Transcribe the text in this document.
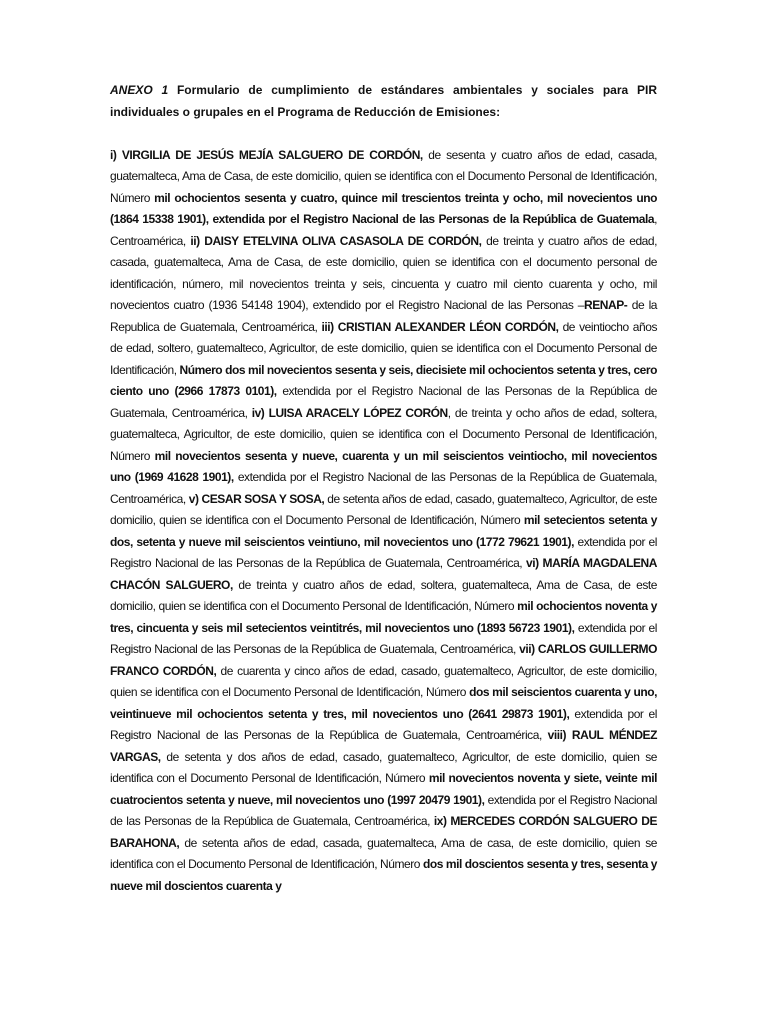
ANEXO 1 Formulario de cumplimiento de estándares ambientales y sociales para PIR individuales o grupales en el Programa de Reducción de Emisiones:

i) VIRGILIA DE JESÚS MEJÍA SALGUERO DE CORDÓN, de sesenta y cuatro años de edad, casada, guatemalteca, Ama de Casa, de este domicilio, quien se identifica con el Documento Personal de Identificación, Número mil ochocientos sesenta y cuatro, quince mil trescientos treinta y ocho, mil novecientos uno (1864 15338 1901), extendida por el Registro Nacional de las Personas de la República de Guatemala, Centroamérica, ii) DAISY ETELVINA OLIVA CASASOLA DE CORDÓN, de treinta y cuatro años de edad, casada, guatemalteca, Ama de Casa, de este domicilio, quien se identifica con el documento personal de identificación, número, mil novecientos treinta y seis, cincuenta y cuatro mil ciento cuarenta y ocho, mil novecientos cuatro (1936 54148 1904), extendido por el Registro Nacional de las Personas –RENAP- de la Republica de Guatemala, Centroamérica, iii) CRISTIAN ALEXANDER LÉON CORDÓN, de veintiocho años de edad, soltero, guatemalteco, Agricultor, de este domicilio, quien se identifica con el Documento Personal de Identificación, Número dos mil novecientos sesenta y seis, diecisiete mil ochocientos setenta y tres, cero ciento uno (2966 17873 0101), extendida por el Registro Nacional de las Personas de la República de Guatemala, Centroamérica, iv) LUISA ARACELY LÓPEZ CORÓN, de treinta y ocho años de edad, soltera, guatemalteca, Agricultor, de este domicilio, quien se identifica con el Documento Personal de Identificación, Número mil novecientos sesenta y nueve, cuarenta y un mil seiscientos veintiocho, mil novecientos uno (1969 41628 1901), extendida por el Registro Nacional de las Personas de la República de Guatemala, Centroamérica, v) CESAR SOSA Y SOSA, de setenta años de edad, casado, guatemalteco, Agricultor, de este domicilio, quien se identifica con el Documento Personal de Identificación, Número mil setecientos setenta y dos, setenta y nueve mil seiscientos veintiuno, mil novecientos uno (1772 79621 1901), extendida por el Registro Nacional de las Personas de la República de Guatemala, Centroamérica, vi) MARÍA MAGDALENA CHACÓN SALGUERO, de treinta y cuatro años de edad, soltera, guatemalteca, Ama de Casa, de este domicilio, quien se identifica con el Documento Personal de Identificación, Número mil ochocientos noventa y tres, cincuenta y seis mil setecientos veintitrés, mil novecientos uno (1893 56723 1901), extendida por el Registro Nacional de las Personas de la República de Guatemala, Centroamérica, vii) CARLOS GUILLERMO FRANCO CORDÓN, de cuarenta y cinco años de edad, casado, guatemalteco, Agricultor, de este domicilio, quien se identifica con el Documento Personal de Identificación, Número dos mil seiscientos cuarenta y uno, veintinueve mil ochocientos setenta y tres, mil novecientos uno (2641 29873 1901), extendida por el Registro Nacional de las Personas de la República de Guatemala, Centroamérica, viii) RAUL MÉNDEZ VARGAS, de setenta y dos años de edad, casado, guatemalteco, Agricultor, de este domicilio, quien se identifica con el Documento Personal de Identificación, Número mil novecientos noventa y siete, veinte mil cuatrocientos setenta y nueve, mil novecientos uno (1997 20479 1901), extendida por el Registro Nacional de las Personas de la República de Guatemala, Centroamérica, ix) MERCEDES CORDÓN SALGUERO DE BARAHONA, de setenta años de edad, casada, guatemalteca, Ama de casa, de este domicilio, quien se identifica con el Documento Personal de Identificación, Número dos mil doscientos sesenta y tres, sesenta y nueve mil doscientos cuarenta y
